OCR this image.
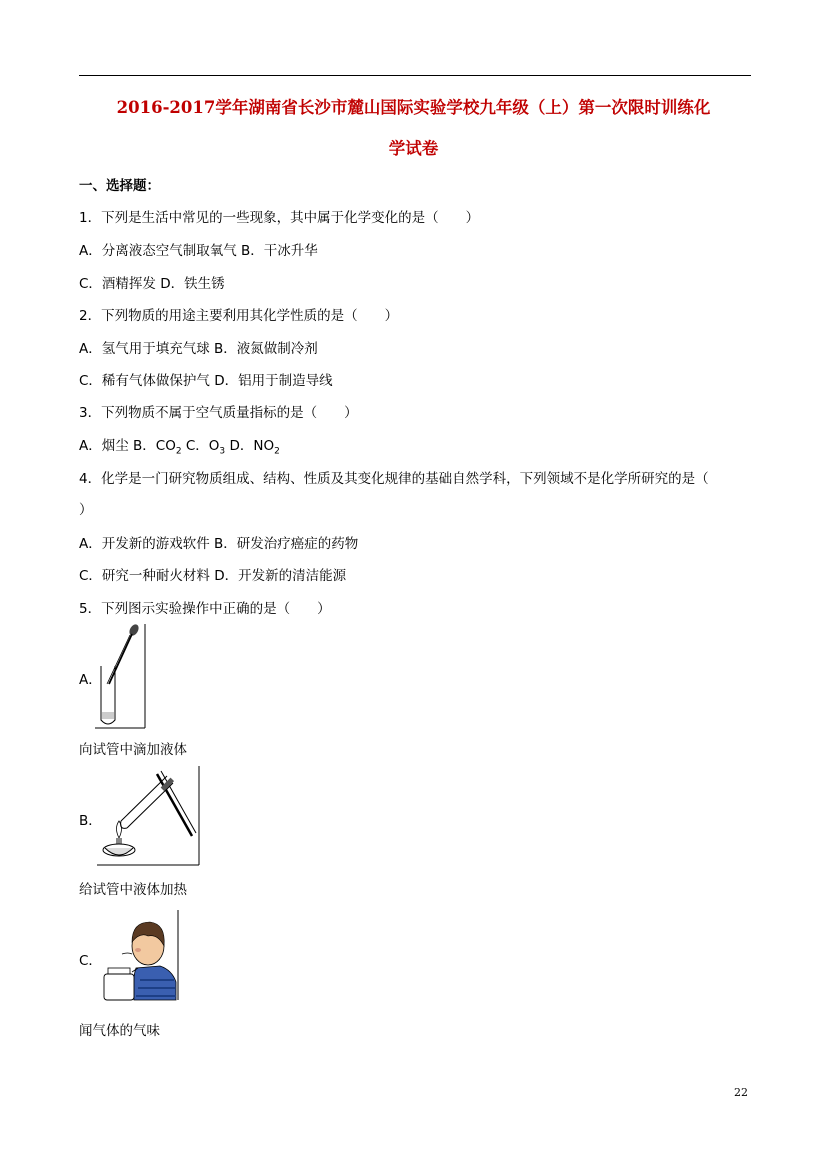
2016-2017学年湖南省长沙市麓山国际实验学校九年级（上）第一次限时训练化
学试卷
一、选择题：
1．下列是生活中常见的一些现象，其中属于化学变化的是（　　）
A．分离液态空气制取氧气 B．干冰升华
C．酒精挥发 D．铁生锈
2．下列物质的用途主要利用其化学性质的是（　　）
A．氢气用于填充气球 B．液氮做制冷剂
C．稀有气体做保护气 D．铝用于制造导线
3．下列物质不属于空气质量指标的是（　　）
A．烟尘 B．$CO_2$ C．$O_3$ D．$NO_2$
4．化学是一门研究物质组成、结构、性质及其变化规律的基础自然学科，下列领域不是化学所研究的是（
）
A．开发新的游戏软件 B．研发治疗癌症的药物
C．研究一种耐火材料 D．开发新的清洁能源
5．下列图示实验操作中正确的是（　　）
A．
向试管中滴加液体
B．
给试管中液体加热
C．
闻气体的气味
22
